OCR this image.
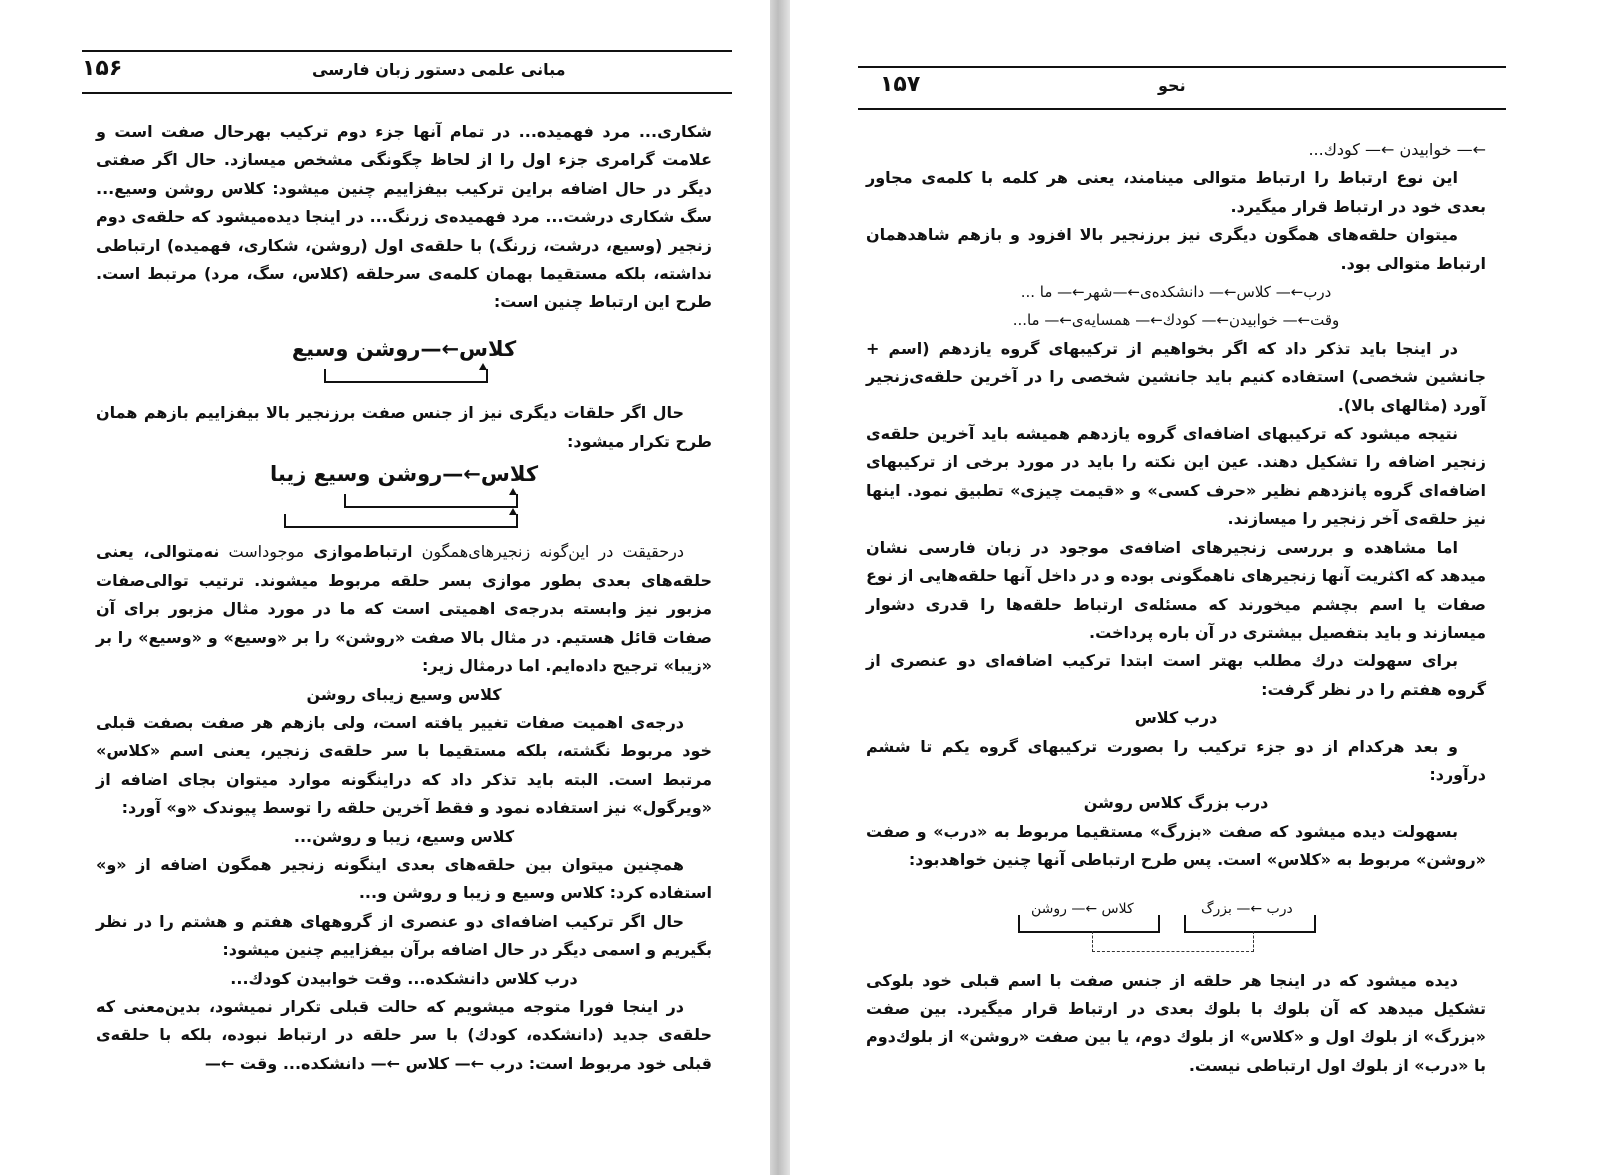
۱۵۶	مبانی علمی دستور زبان فارسی

شکاری... مرد فهمیده... در تمام آنها جزء دوم ترکیب بهرحال صفت است و علامت گرامری جزء اول را از لحاظ چگونگی مشخص میسازد. حال اگر صفتی دیگر در حال اضافه براین ترکیب بیفزاییم چنین میشود: کلاس روشن وسیع... سگ شکاری درشت... مرد فهمیده‌ی زرنگ... در اینجا دیده‌میشود که حلقه‌ی دوم زنجیر (وسیع، درشت، زرنگ) با حلقه‌ی اول (روشن، شکاری، فهمیده) ارتباطی نداشته، بلکه مستقیما بهمان کلمه‌ی سرحلقه (کلاس، سگ، مرد) مرتبط است. طرح این ارتباط چنین است:

کلاس←—روشن وسیع

حال اگر حلقات دیگری نیز از جنس صفت برزنجیر بالا بیفزاییم بازهم همان طرح تکرار میشود:

کلاس←—روشن وسیع زیبا

درحقیقت در این‌گونه زنجیرهای‌همگون ارتباط‌موازی موجوداست نه‌متوالی، یعنی حلقه‌های بعدی بطور موازی بسر حلقه مربوط میشوند. ترتیب توالی‌صفات مزبور نیز وابسته بدرجه‌ی اهمیتی است که ما در مورد مثال مزبور برای آن صفات قائل هستیم. در مثال بالا صفت «روشن» را بر «وسیع» و «وسیع» را بر «زیبا» ترجیح داده‌ایم. اما درمثال زیر:

کلاس وسیع زیبای روشن

درجه‌ی اهمیت صفات تغییر یافته است، ولی بازهم هر صفت بصفت قبلی خود مربوط نگشته، بلکه مستقیما با سر حلقه‌ی زنجیر، یعنی اسم «کلاس» مرتبط است. البته باید تذکر داد که دراینگونه موارد میتوان بجای اضافه از «ویرگول» نیز استفاده نمود و فقط آخرین حلقه را توسط پیوندک «و» آورد:

کلاس وسیع، زیبا و روشن...

همچنین میتوان بین حلقه‌های بعدی اینگونه زنجیر همگون اضافه از «و» استفاده کرد: کلاس وسیع و زیبا و روشن و...

حال اگر ترکیب اضافه‌ای دو عنصری از گروههای هفتم و هشتم را در نظر بگیریم و اسمی دیگر در حال اضافه برآن بیفزاییم چنین میشود:

درب کلاس دانشکده... وقت خوابیدن کودك...

در اینجا فورا متوجه میشویم که حالت قبلی تکرار نمیشود، بدین‌معنی که حلقه‌ی جدید (دانشکده، کودك) با سر حلقه در ارتباط نبوده، بلکه با حلقه‌ی قبلی خود مربوط است: درب ←— کلاس ←— دانشکده... وقت ←—

۱۵۷	نحو

←— خوابیدن ←— کودك...

این نوع ارتباط را ارتباط متوالی مینامند، یعنی هر کلمه با کلمه‌ی مجاور بعدی خود در ارتباط قرار میگیرد.

میتوان حلقه‌های همگون دیگری نیز برزنجیر بالا افزود و بازهم شاهدهمان ارتباط متوالی بود.

درب←— کلاس←— دانشکده‌ی←—شهر←— ما ...

وقت←— خوابیدن←— کودك←— همسایه‌ی←— ما...

در اینجا باید تذکر داد که اگر بخواهیم از ترکیبهای گروه یازدهم (اسم + جانشین شخصی) استفاده کنیم باید جانشین شخصی را در آخرین حلقه‌ی‌زنجیر آورد (مثالهای بالا).

نتیجه میشود که ترکیبهای اضافه‌ای گروه یازدهم همیشه باید آخرین حلقه‌ی زنجیر اضافه را تشکیل دهند. عین این نکته را باید در مورد برخی از ترکیبهای اضافه‌ای گروه پانزدهم نظیر «حرف کسی» و «قیمت چیزی» تطبیق نمود. اینها نیز حلقه‌ی آخر زنجیر را میسازند.

اما مشاهده و بررسی زنجیرهای اضافه‌ی موجود در زبان فارسی نشان میدهد که اکثریت آنها زنجیرهای ناهمگونی بوده و در داخل آنها حلقه‌هایی از نوع صفات یا اسم بچشم میخورند که مسئله‌ی ارتباط حلقه‌ها را قدری دشوار میسازند و باید بتفصیل بیشتری در آن باره پرداخت.

برای سهولت درك مطلب بهتر است ابتدا ترکیب اضافه‌ای دو عنصری از گروه هفتم را در نظر گرفت:

درب کلاس

و بعد هرکدام از دو جزء ترکیب را بصورت ترکیبهای گروه یکم تا ششم درآورد:

درب بزرگ کلاس روشن

بسهولت دیده میشود که صفت «بزرگ» مستقیما مربوط به «درب» و صفت «روشن» مربوط به «کلاس» است. پس طرح ارتباطی آنها چنین خواهدبود:

درب ←— بزرگ
کلاس ←— روشن

دیده میشود که در اینجا هر حلقه از جنس صفت با اسم قبلی خود بلوکی تشکیل میدهد که آن بلوك با بلوك بعدی در ارتباط قرار میگیرد. بین صفت «بزرگ» از بلوك اول و «کلاس» از بلوك دوم، یا بین صفت «روشن» از بلوك‌دوم با «درب» از بلوك اول ارتباطی نیست.
